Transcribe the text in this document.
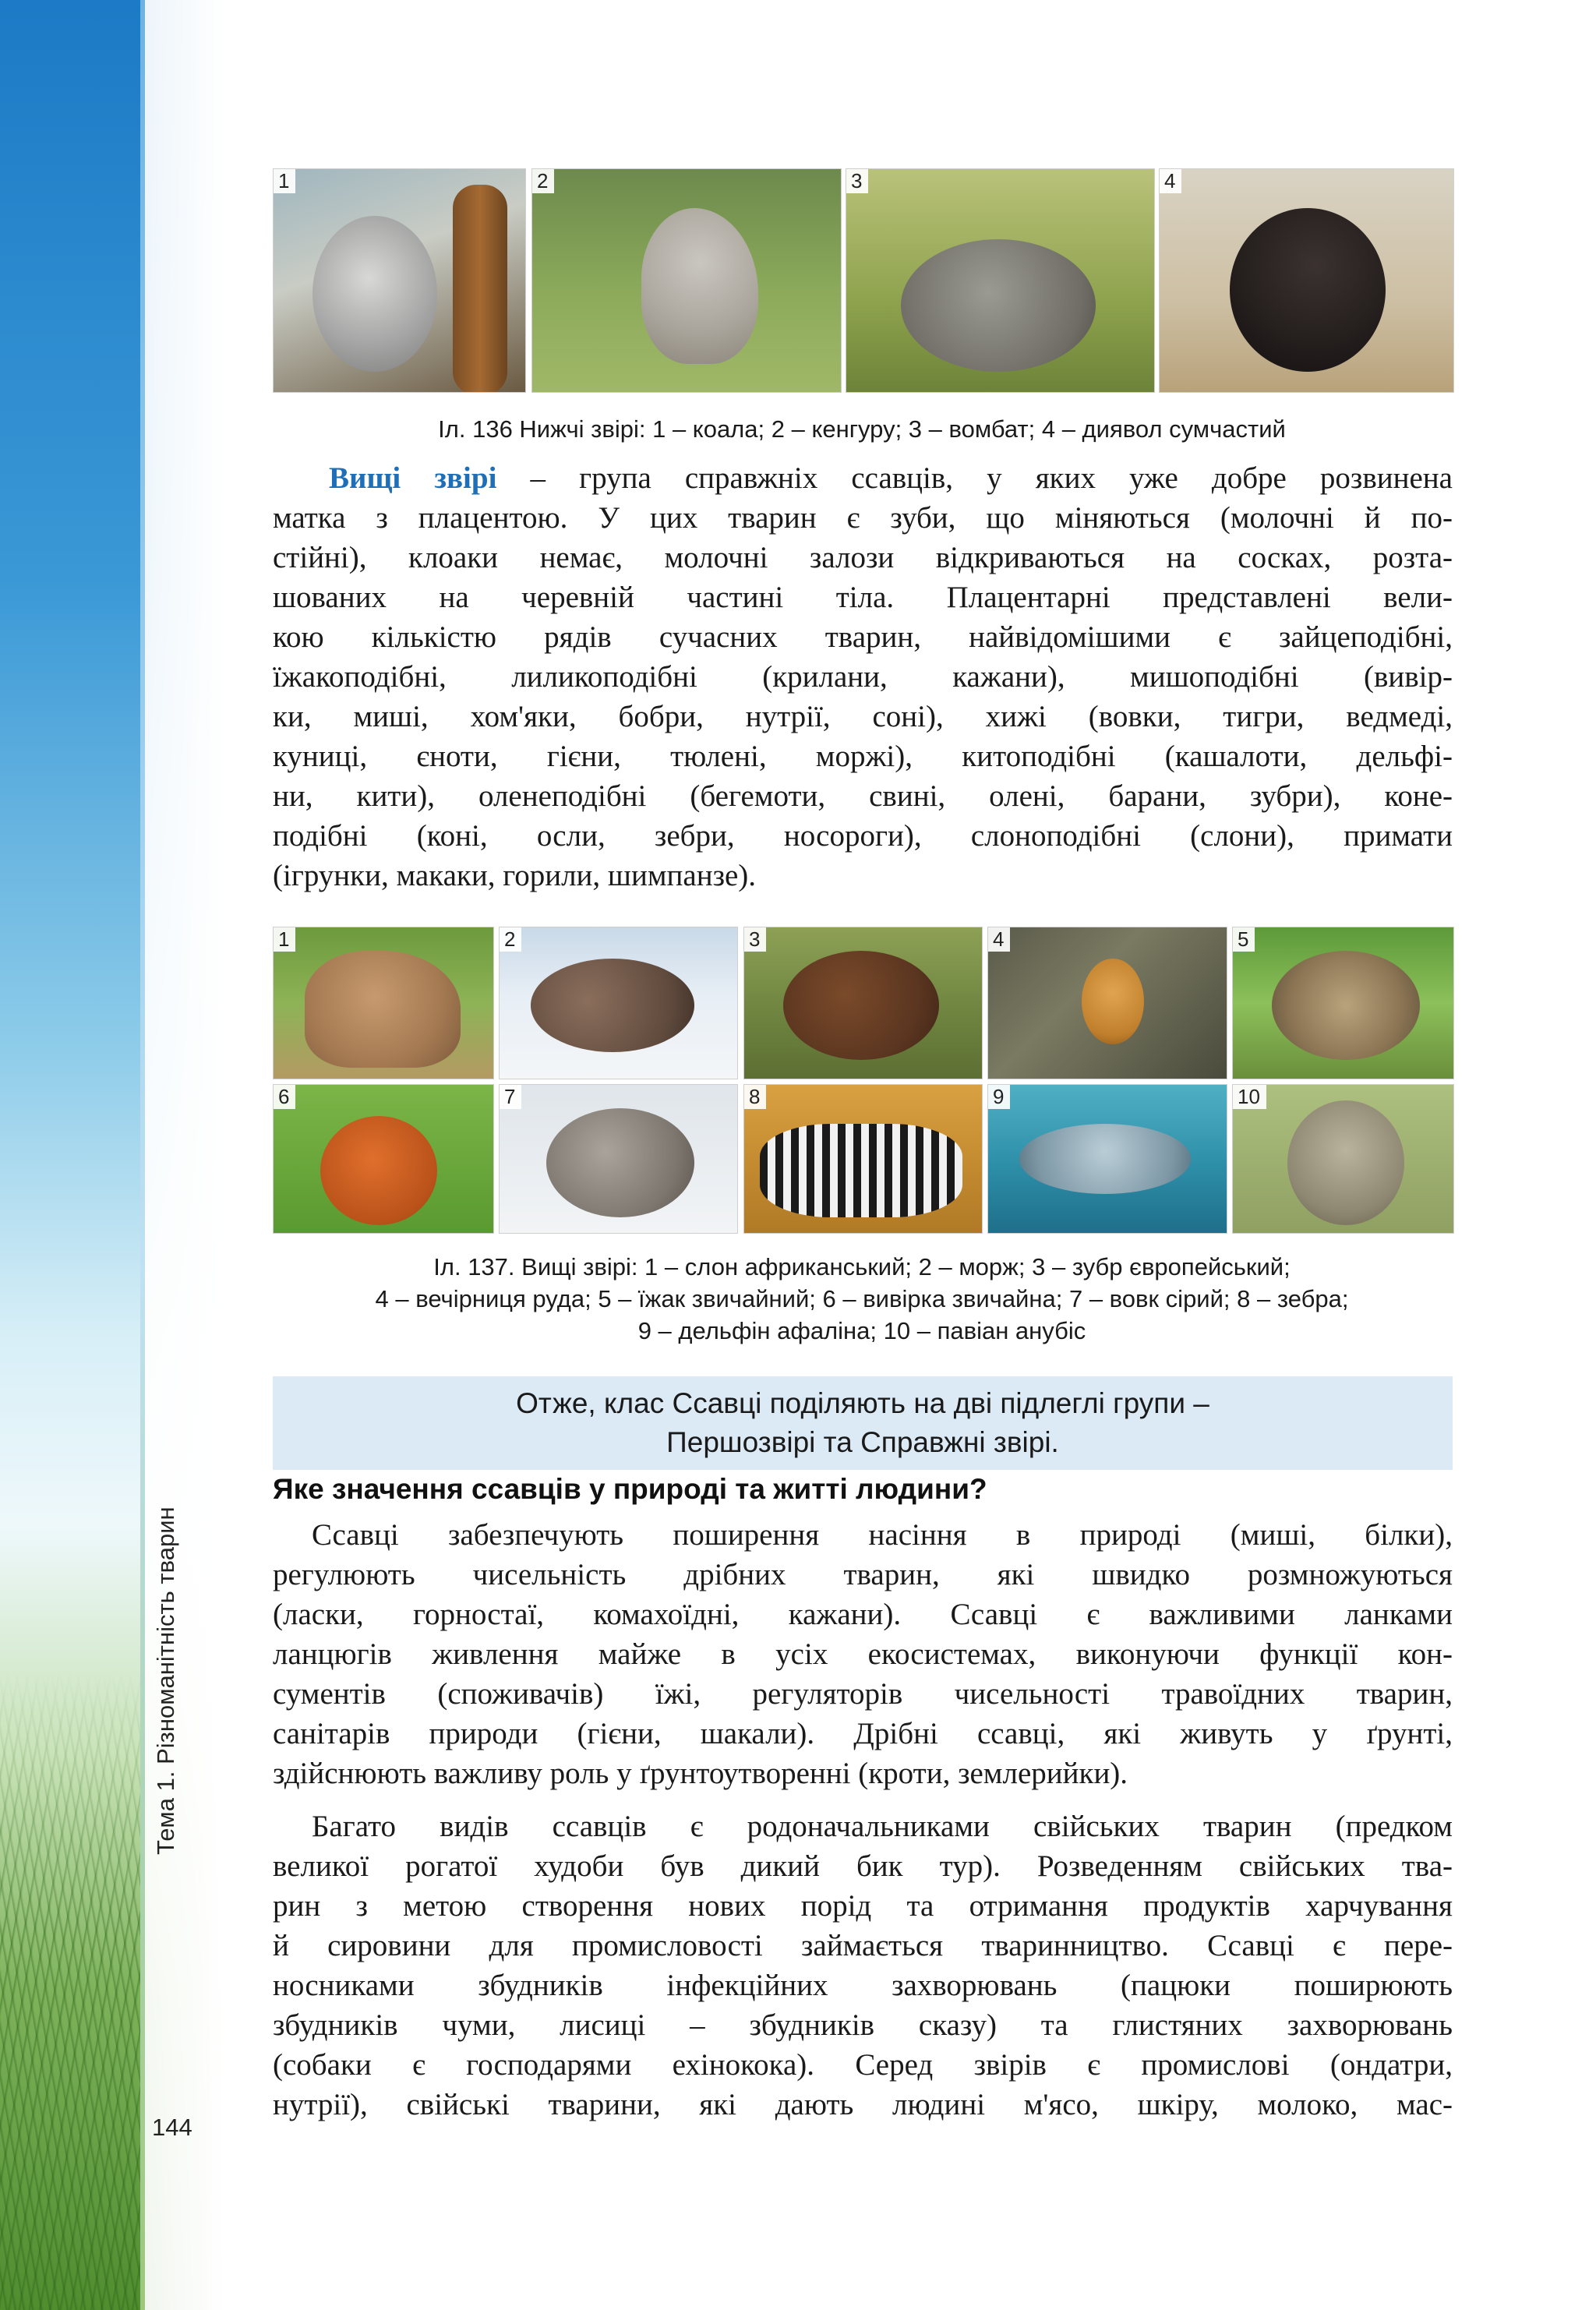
Тема 1. Різноманітність тварин
144
1	2	3	4
Іл. 136 Нижчі звірі: 1 – коала; 2 – кенгуру; 3 – вомбат; 4 – диявол сумчастий
Вищі звірі – група справжніх ссавців, у яких уже добре розвинена
матка з плацентою. У цих тварин є зуби, що міняються (молочні й по-
стійні), клоаки немає, молочні залози відкриваються на сосках, розта-
шованих на черевній частині тіла. Плацентарні представлені вели-
кою кількістю рядів сучасних тварин, найвідомішими є зайцеподібні,
їжакоподібні, лиликоподібні (крилани, кажани), мишоподібні (вивір-
ки, миші, хом'яки, бобри, нутрії, соні), хижі (вовки, тигри, ведмеді,
куниці, єноти, гієни, тюлені, моржі), китоподібні (кашалоти, дельфі-
ни, кити), оленеподібні (бегемоти, свині, олені, барани, зубри), коне-
подібні (коні, осли, зебри, носороги), слоноподібні (слони), примати
(ігрунки, макаки, горили, шимпанзе).
1	2	3	4	5
6	7	8	9	10
Іл. 137. Вищі звірі: 1 – слон африканський; 2 – морж; 3 – зубр європейський;
4 – вечірниця руда; 5 – їжак звичайний; 6 – вивірка звичайна; 7 – вовк сірий; 8 – зебра;
9 – дельфін афаліна; 10 – павіан анубіс
Отже, клас Ссавці поділяють на дві підлеглі групи –
Першозвірі та Справжні звірі.
Яке значення ссавців у природі та житті людини?
Ссавці забезпечують поширення насіння в природі (миші, білки),
регулюють чисельність дрібних тварин, які швидко розмножуються
(ласки, горностаї, комахоїдні, кажани). Ссавці є важливими ланками
ланцюгів живлення майже в усіх екосистемах, виконуючи функції кон-
сументів (споживачів) їжі, регуляторів чисельності травоїдних тварин,
санітарів природи (гієни, шакали). Дрібні ссавці, які живуть у ґрунті,
здійснюють важливу роль у ґрунтоутворенні (кроти, землерийки).
Багато видів ссавців є родоначальниками свійських тварин (предком
великої рогатої худоби був дикий бик тур). Розведенням свійських тва-
рин з метою створення нових порід та отримання продуктів харчування
й сировини для промисловості займається тваринництво. Ссавці є пере-
носниками збудників інфекційних захворювань (пацюки поширюють
збудників чуми, лисиці – збудників сказу) та глистяних захворювань
(собаки є господарями ехінокока). Серед звірів є промислові (ондатри,
нутрії), свійські тварини, які дають людині м'ясо, шкіру, молоко, мас-
